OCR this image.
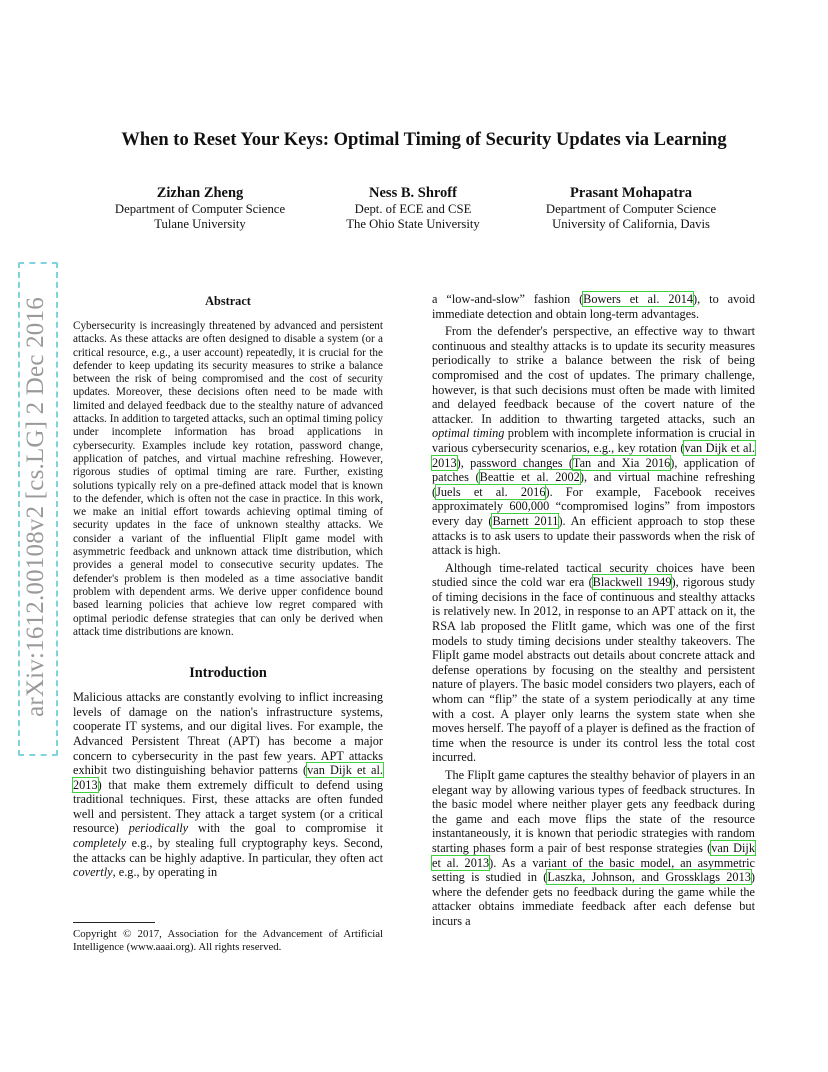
arXiv:1612.00108v2 [cs.LG] 2 Dec 2016
When to Reset Your Keys: Optimal Timing of Security Updates via Learning
Zizhan Zheng
Department of Computer Science
Tulane University
Ness B. Shroff
Dept. of ECE and CSE
The Ohio State University
Prasant Mohapatra
Department of Computer Science
University of California, Davis
Abstract

Cybersecurity is increasingly threatened by advanced and persistent attacks. As these attacks are often designed to disable a system (or a critical resource, e.g., a user account) repeatedly, it is crucial for the defender to keep updating its security measures to strike a balance between the risk of being compromised and the cost of security updates. Moreover, these decisions often need to be made with limited and delayed feedback due to the stealthy nature of advanced attacks. In addition to targeted attacks, such an optimal timing policy under incomplete information has broad applications in cybersecurity. Examples include key rotation, password change, application of patches, and virtual machine refreshing. However, rigorous studies of optimal timing are rare. Further, existing solutions typically rely on a pre-defined attack model that is known to the defender, which is often not the case in practice. In this work, we make an initial effort towards achieving optimal timing of security updates in the face of unknown stealthy attacks. We consider a variant of the influential FlipIt game model with asymmetric feedback and unknown attack time distribution, which provides a general model to consecutive security updates. The defender's problem is then modeled as a time associative bandit problem with dependent arms. We derive upper confidence bound based learning policies that achieve low regret compared with optimal periodic defense strategies that can only be derived when attack time distributions are known.

Introduction

Malicious attacks are constantly evolving to inflict increasing levels of damage on the nation's infrastructure systems, cooperate IT systems, and our digital lives. For example, the Advanced Persistent Threat (APT) has become a major concern to cybersecurity in the past few years. APT attacks exhibit two distinguishing behavior patterns (van Dijk et al. 2013) that make them extremely difficult to defend using traditional techniques. First, these attacks are often funded well and persistent. They attack a target system (or a critical resource) periodically with the goal to compromise it completely e.g., by stealing full cryptography keys. Second, the attacks can be highly adaptive. In particular, they often act covertly, e.g., by operating in

a “low-and-slow” fashion (Bowers et al. 2014), to avoid immediate detection and obtain long-term advantages.

From the defender's perspective, an effective way to thwart continuous and stealthy attacks is to update its security measures periodically to strike a balance between the risk of being compromised and the cost of updates. The primary challenge, however, is that such decisions must often be made with limited and delayed feedback because of the covert nature of the attacker. In addition to thwarting targeted attacks, such an optimal timing problem with incomplete information is crucial in various cybersecurity scenarios, e.g., key rotation (van Dijk et al. 2013), password changes (Tan and Xia 2016), application of patches (Beattie et al. 2002), and virtual machine refreshing (Juels et al. 2016). For example, Facebook receives approximately 600,000 “compromised logins” from impostors every day (Barnett 2011). An efficient approach to stop these attacks is to ask users to update their passwords when the risk of attack is high.

Although time-related tactical security choices have been studied since the cold war era (Blackwell 1949), rigorous study of timing decisions in the face of continuous and stealthy attacks is relatively new. In 2012, in response to an APT attack on it, the RSA lab proposed the FlitIt game, which was one of the first models to study timing decisions under stealthy takeovers. The FlipIt game model abstracts out details about concrete attack and defense operations by focusing on the stealthy and persistent nature of players. The basic model considers two players, each of whom can “flip” the state of a system periodically at any time with a cost. A player only learns the system state when she moves herself. The payoff of a player is defined as the fraction of time when the resource is under its control less the total cost incurred.

The FlipIt game captures the stealthy behavior of players in an elegant way by allowing various types of feedback structures. In the basic model where neither player gets any feedback during the game and each move flips the state of the resource instantaneously, it is known that periodic strategies with random starting phases form a pair of best response strategies (van Dijk et al. 2013). As a variant of the basic model, an asymmetric setting is studied in (Laszka, Johnson, and Grossklags 2013) where the defender gets no feedback during the game while the attacker obtains immediate feedback after each defense but incurs a

Copyright © 2017, Association for the Advancement of Artificial Intelligence (www.aaai.org). All rights reserved.
